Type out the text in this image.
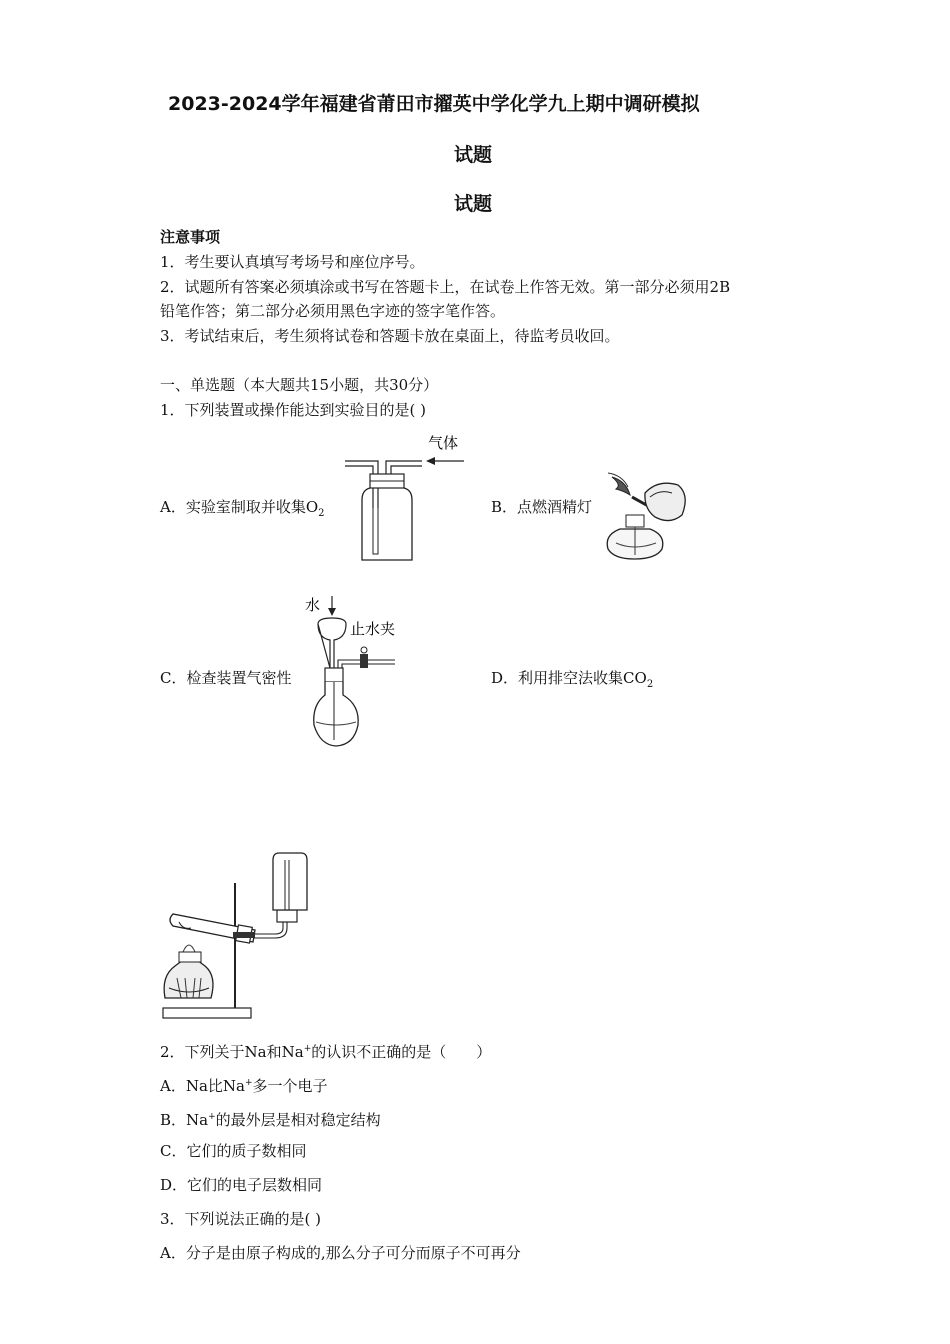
2023-2024学年福建省莆田市擢英中学化学九上期中调研模拟
试题
试题
注意事项
1．考生要认真填写考场号和座位序号。
2．试题所有答案必须填涂或书写在答题卡上，在试卷上作答无效。第一部分必须用2B
铅笔作答；第二部分必须用黑色字迹的签字笔作答。
3．考试结束后，考生须将试卷和答题卡放在桌面上，待监考员收回。
一、单选题（本大题共15小题，共30分）
1．下列装置或操作能达到实验目的是( )
A．实验室制取并收集$O_2$	B．点燃酒精灯
C．检查装置气密性	D．利用排空法收集$CO_2$
气体
水
止水夹
2．下列关于Na和Na+的认识不正确的是（　　）
A．Na比Na+多一个电子
B．Na+的最外层是相对稳定结构
C．它们的质子数相同
D．它们的电子层数相同
3．下列说法正确的是( )
A．分子是由原子构成的,那么分子可分而原子不可再分
